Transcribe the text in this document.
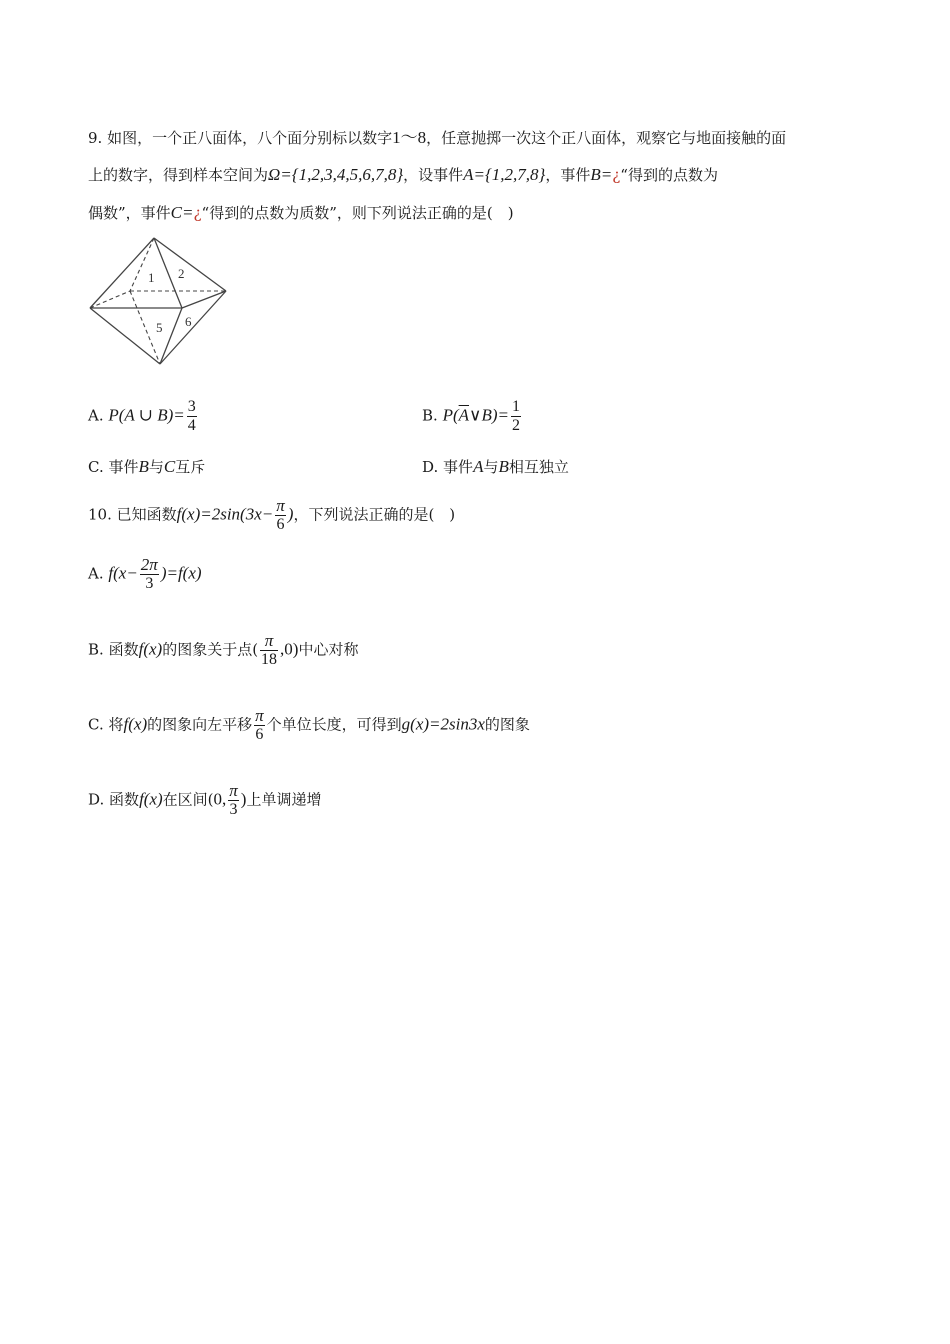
9. 如图，一个正八面体，八个面分别标以数字1～8，任意抛掷一次这个正八面体，观察它与地面接触的面
上的数字，得到样本空间为Ω={1,2,3,4,5,6,7,8}，设事件A={1,2,7,8}，事件B=¿“得到的点数为
偶数”，事件C=¿“得到的点数为质数”，则下列说法正确的是(　)
1 2
5 6
A. P(A ∪ $B)= \frac{3}{4}$	B. $P(\overline{A}\vee B)= \frac{1}{2}$
C. 事件B与C互斥	D. 事件A与B相互独立
10. 已知函数$f(x)=2\sin(3x- \frac{\pi}{6}$ )，下列说法正确的是(　)
A. $f(x- \frac{2\pi}{3} )=f(x)$
B. 函数f(x)的图象关于点( $\frac{\pi}{18} ,0$)中心对称
C. 将f(x)的图象向左平移 $\frac{\pi}{6}$ 个单位长度，可得到g(x)=2sin3x的图象
D. 函数f(x)在区间(0, $\frac{\pi}{3}$ )上单调递增
